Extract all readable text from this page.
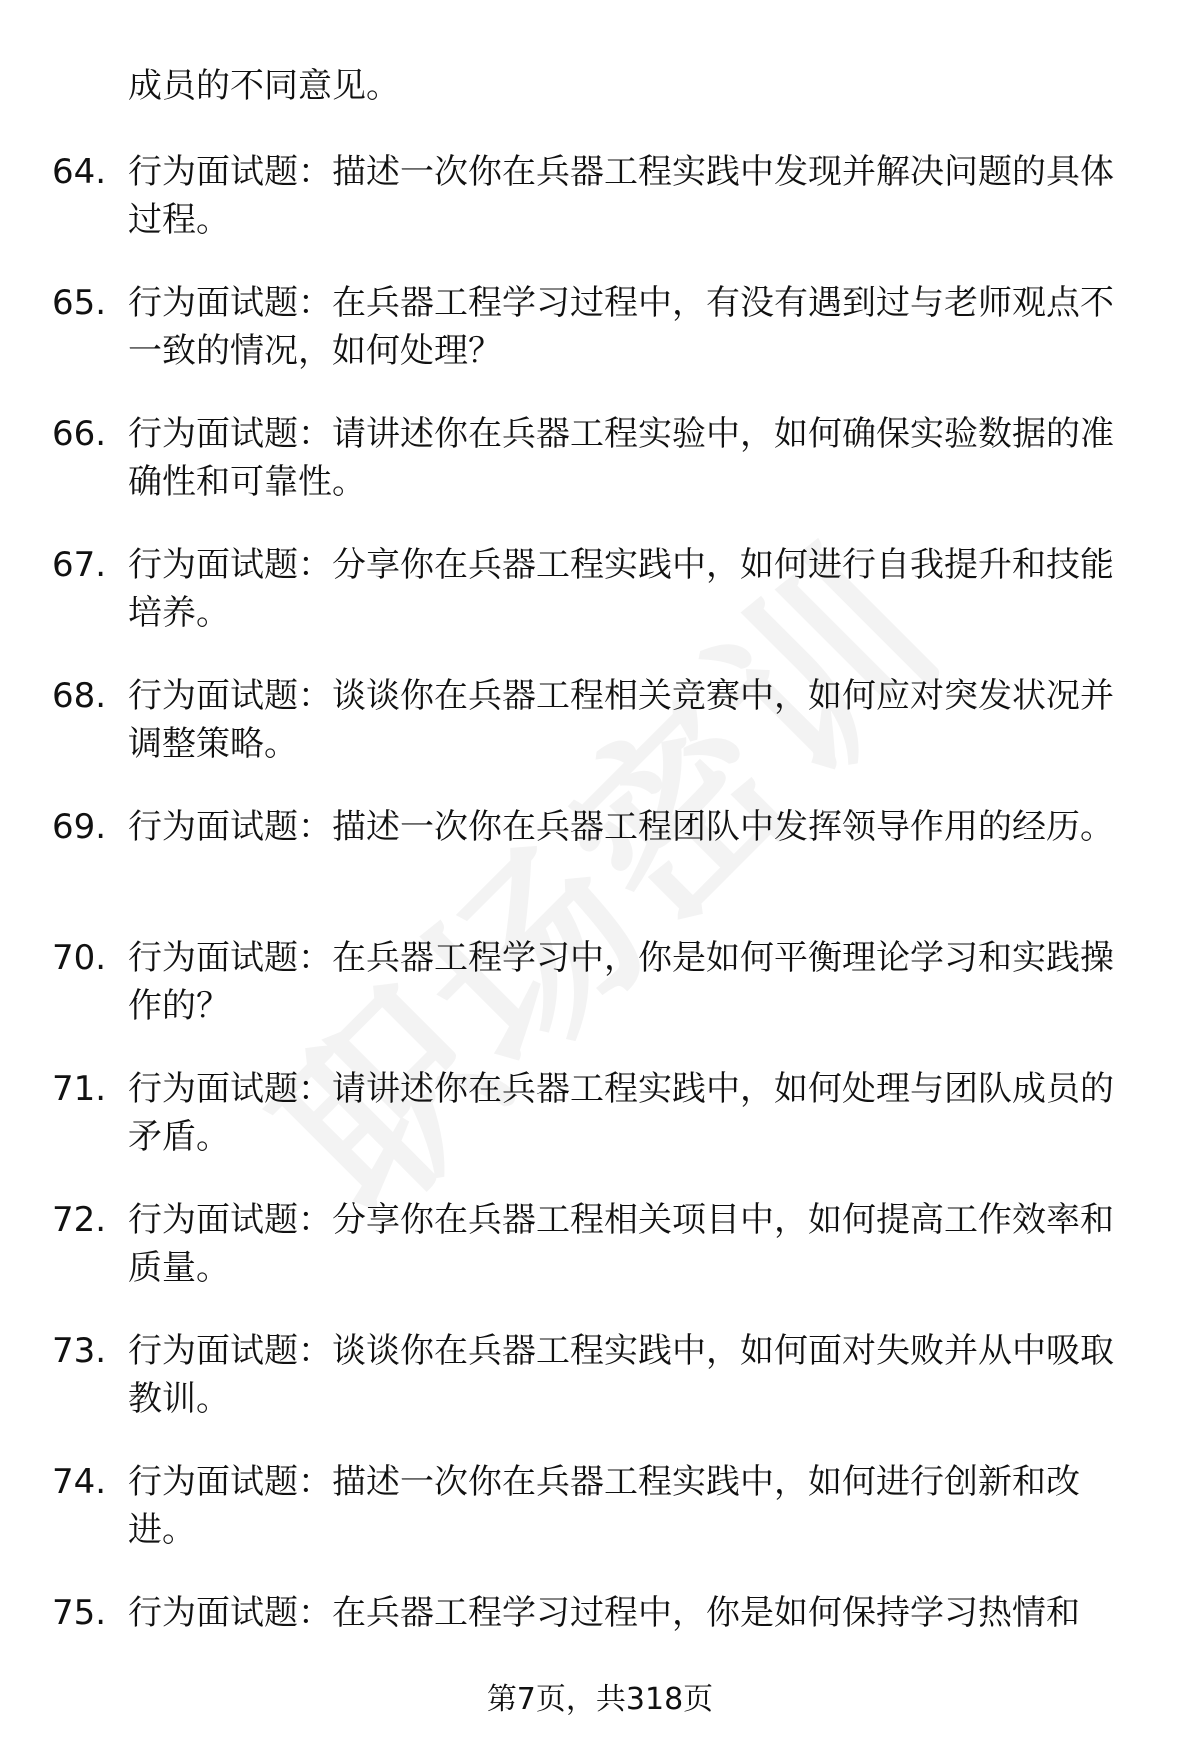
成员的不同意见。
64. 行为面试题：描述一次你在兵器工程实践中发现并解决问题的具体过程。
65. 行为面试题：在兵器工程学习过程中，有没有遇到过与老师观点不一致的情况，如何处理？
66. 行为面试题：请讲述你在兵器工程实验中，如何确保实验数据的准确性和可靠性。
67. 行为面试题：分享你在兵器工程实践中，如何进行自我提升和技能培养。
68. 行为面试题：谈谈你在兵器工程相关竞赛中，如何应对突发状况并调整策略。
69. 行为面试题：描述一次你在兵器工程团队中发挥领导作用的经历。
70. 行为面试题：在兵器工程学习中，你是如何平衡理论学习和实践操作的？
71. 行为面试题：请讲述你在兵器工程实践中，如何处理与团队成员的矛盾。
72. 行为面试题：分享你在兵器工程相关项目中，如何提高工作效率和质量。
73. 行为面试题：谈谈你在兵器工程实践中，如何面对失败并从中吸取教训。
74. 行为面试题：描述一次你在兵器工程实践中，如何进行创新和改进。
75. 行为面试题：在兵器工程学习过程中，你是如何保持学习热情和
第7页，共318页
